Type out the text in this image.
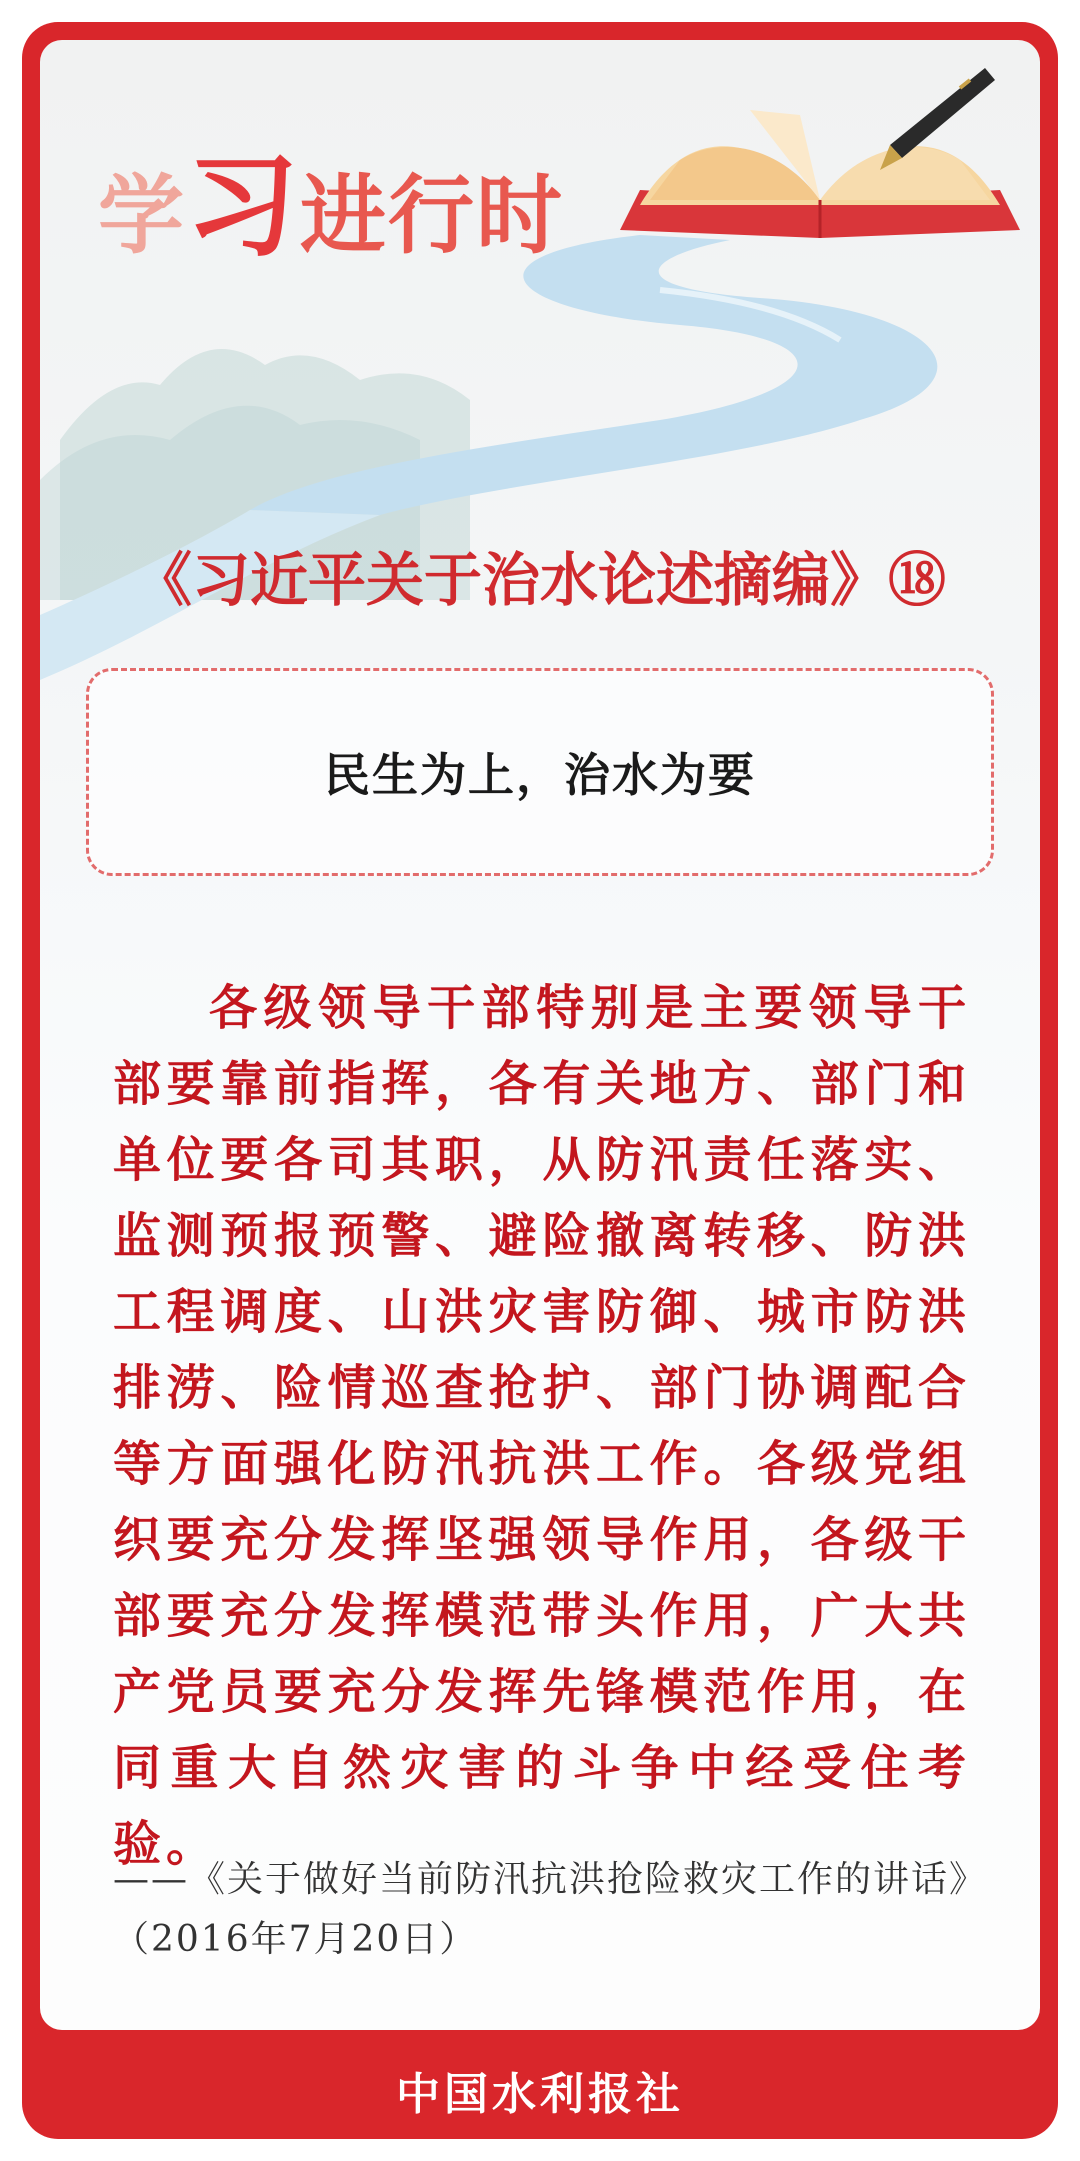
学习进行时
《习近平关于治水论述摘编》⑱
民生为上，治水为要

各级领导干部特别是主要领导干部要靠前指挥，各有关地方、部门和单位要各司其职，从防汛责任落实、监测预报预警、避险撤离转移、防洪工程调度、山洪灾害防御、城市防洪排涝、险情巡查抢护、部门协调配合等方面强化防汛抗洪工作。各级党组织要充分发挥坚强领导作用，各级干部要充分发挥模范带头作用，广大共产党员要充分发挥先锋模范作用，在同重大自然灾害的斗争中经受住考验。

——《关于做好当前防汛抗洪抢险救灾工作的讲话》（2016年7月20日）

中国水利报社
